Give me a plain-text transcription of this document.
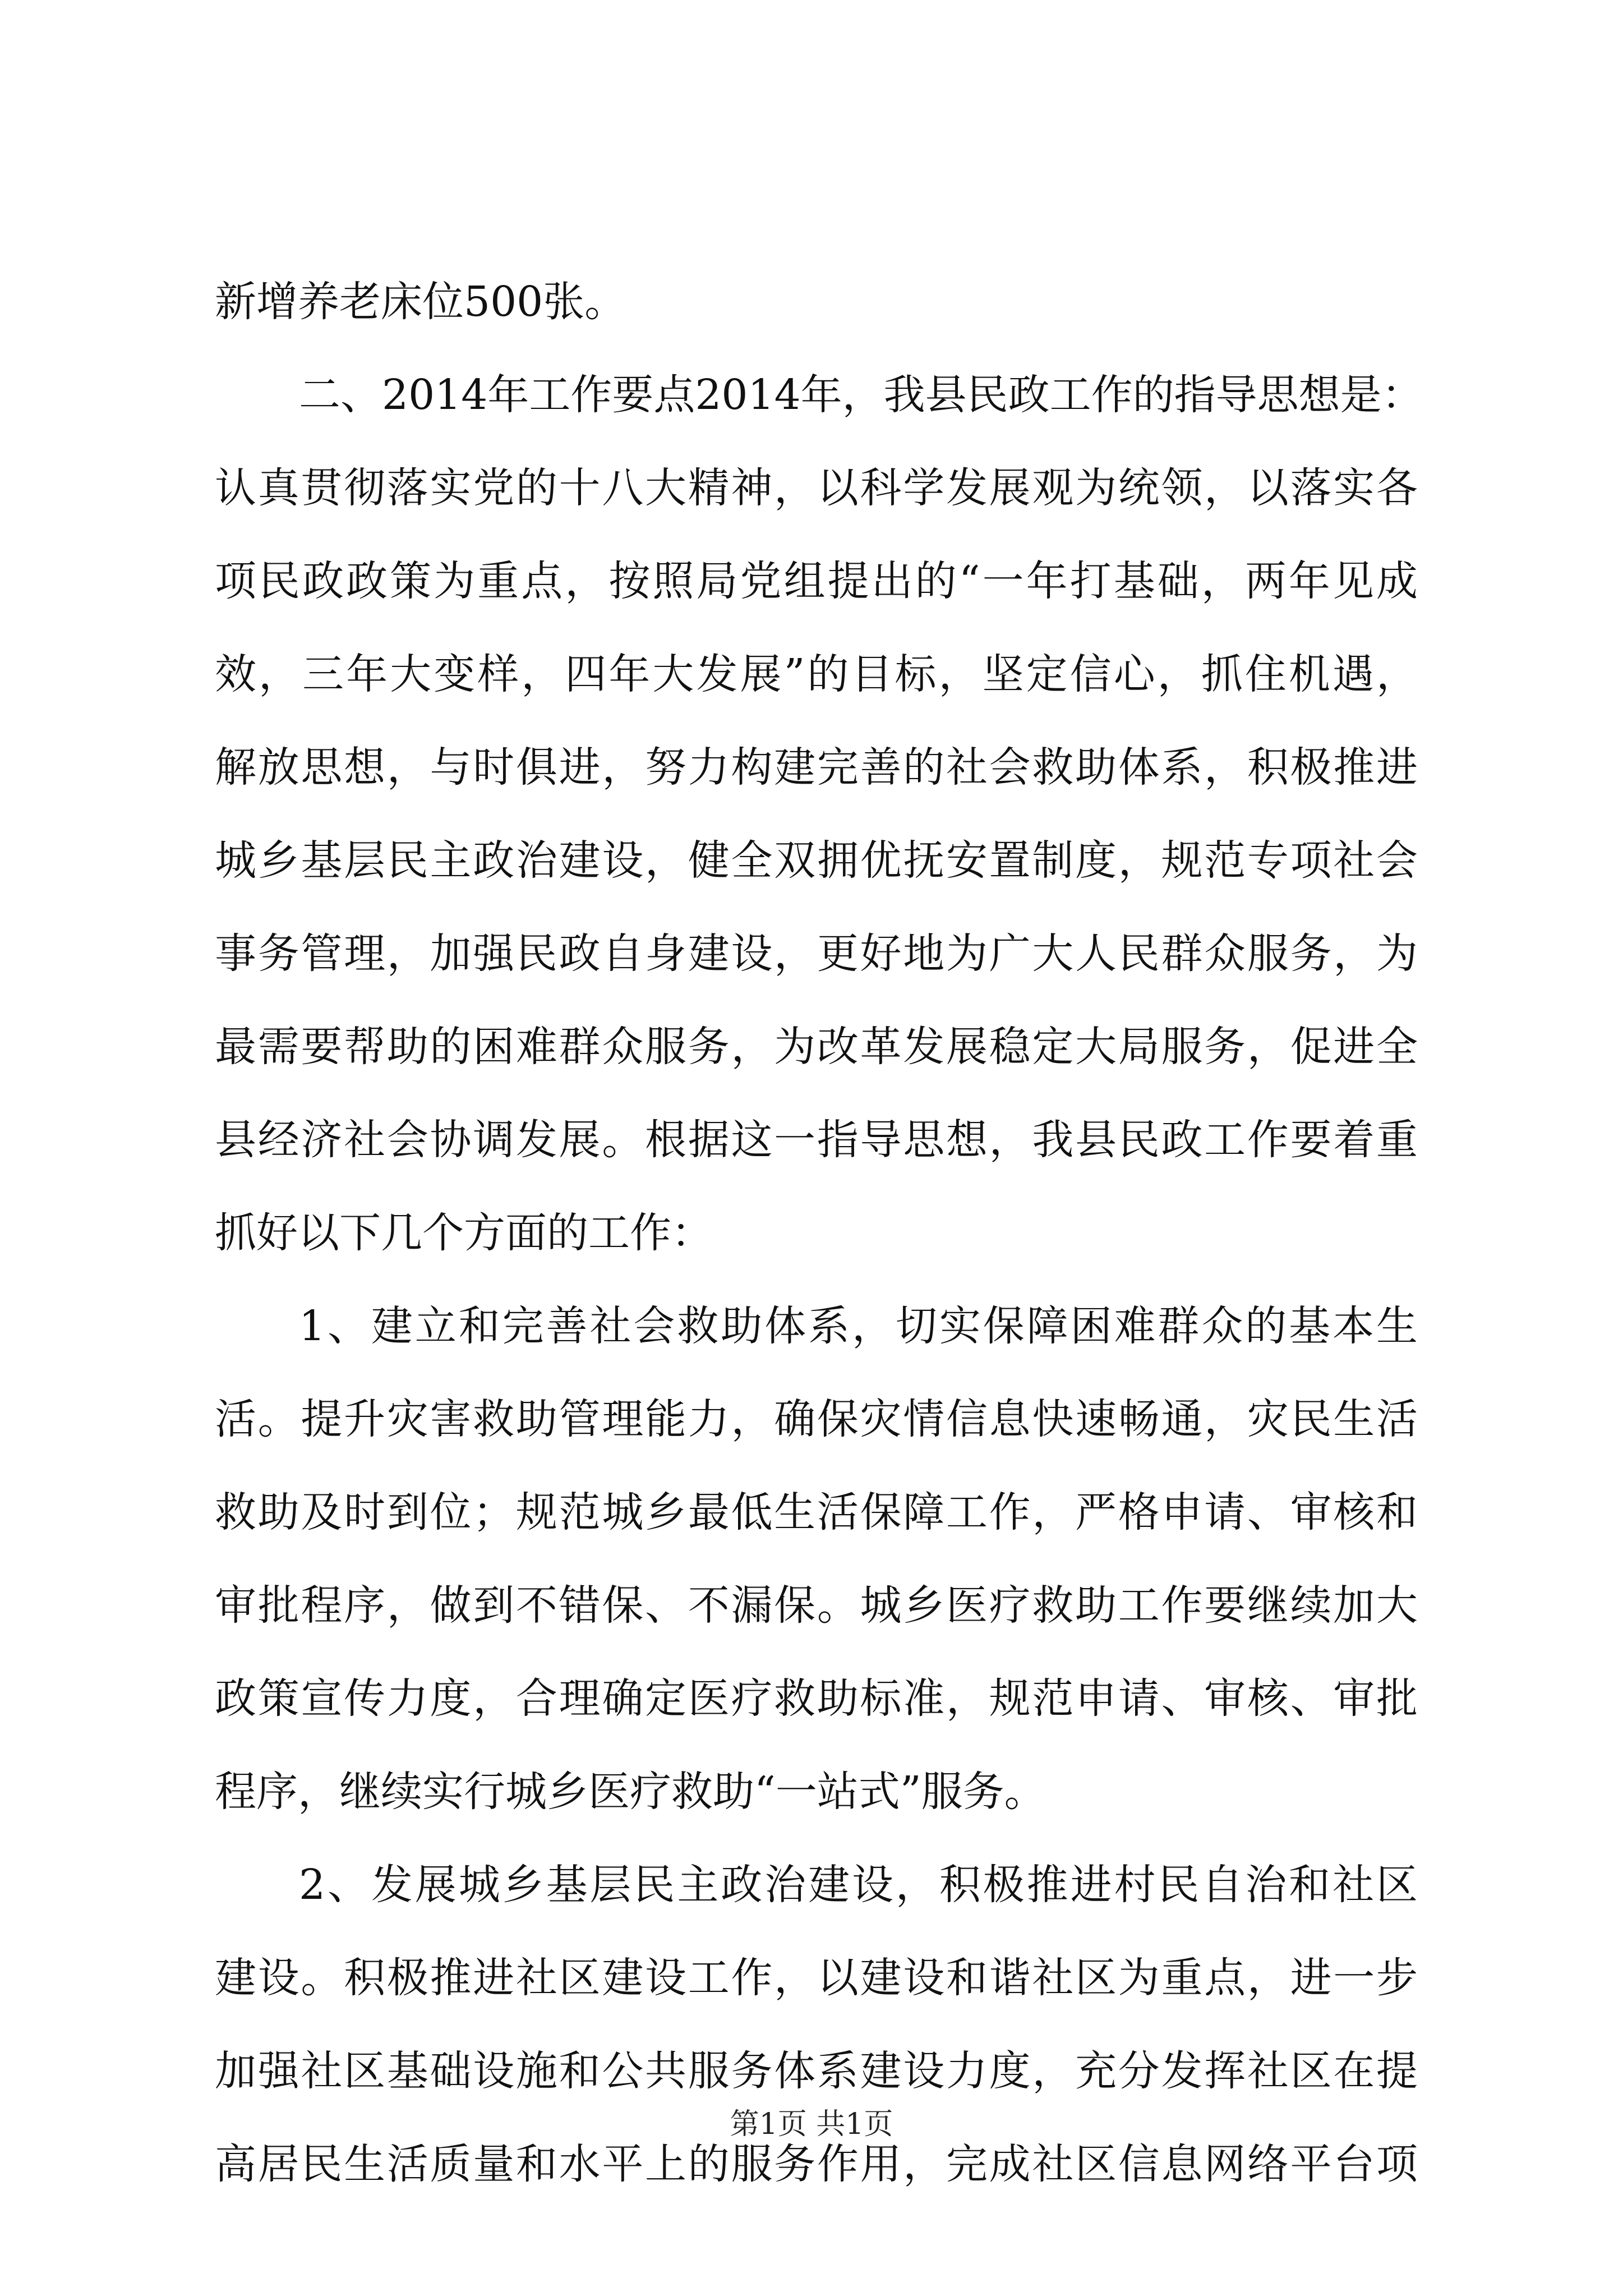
新增养老床位500张。
二、2014年工作要点2014年，我县民政工作的指导思想是：
认真贯彻落实党的十八大精神，以科学发展观为统领，以落实各
项民政政策为重点，按照局党组提出的“一年打基础，两年见成
效，三年大变样，四年大发展”的目标，坚定信心，抓住机遇，
解放思想，与时俱进，努力构建完善的社会救助体系，积极推进
城乡基层民主政治建设，健全双拥优抚安置制度，规范专项社会
事务管理，加强民政自身建设，更好地为广大人民群众服务，为
最需要帮助的困难群众服务，为改革发展稳定大局服务，促进全
县经济社会协调发展。根据这一指导思想，我县民政工作要着重
抓好以下几个方面的工作：
1、建立和完善社会救助体系，切实保障困难群众的基本生
活。提升灾害救助管理能力，确保灾情信息快速畅通，灾民生活
救助及时到位；规范城乡最低生活保障工作，严格申请、审核和
审批程序，做到不错保、不漏保。城乡医疗救助工作要继续加大
政策宣传力度，合理确定医疗救助标准，规范申请、审核、审批
程序，继续实行城乡医疗救助“一站式”服务。
2、发展城乡基层民主政治建设，积极推进村民自治和社区
建设。积极推进社区建设工作，以建设和谐社区为重点，进一步
加强社区基础设施和公共服务体系建设力度，充分发挥社区在提
高居民生活质量和水平上的服务作用，完成社区信息网络平台项
第1页 共1页
